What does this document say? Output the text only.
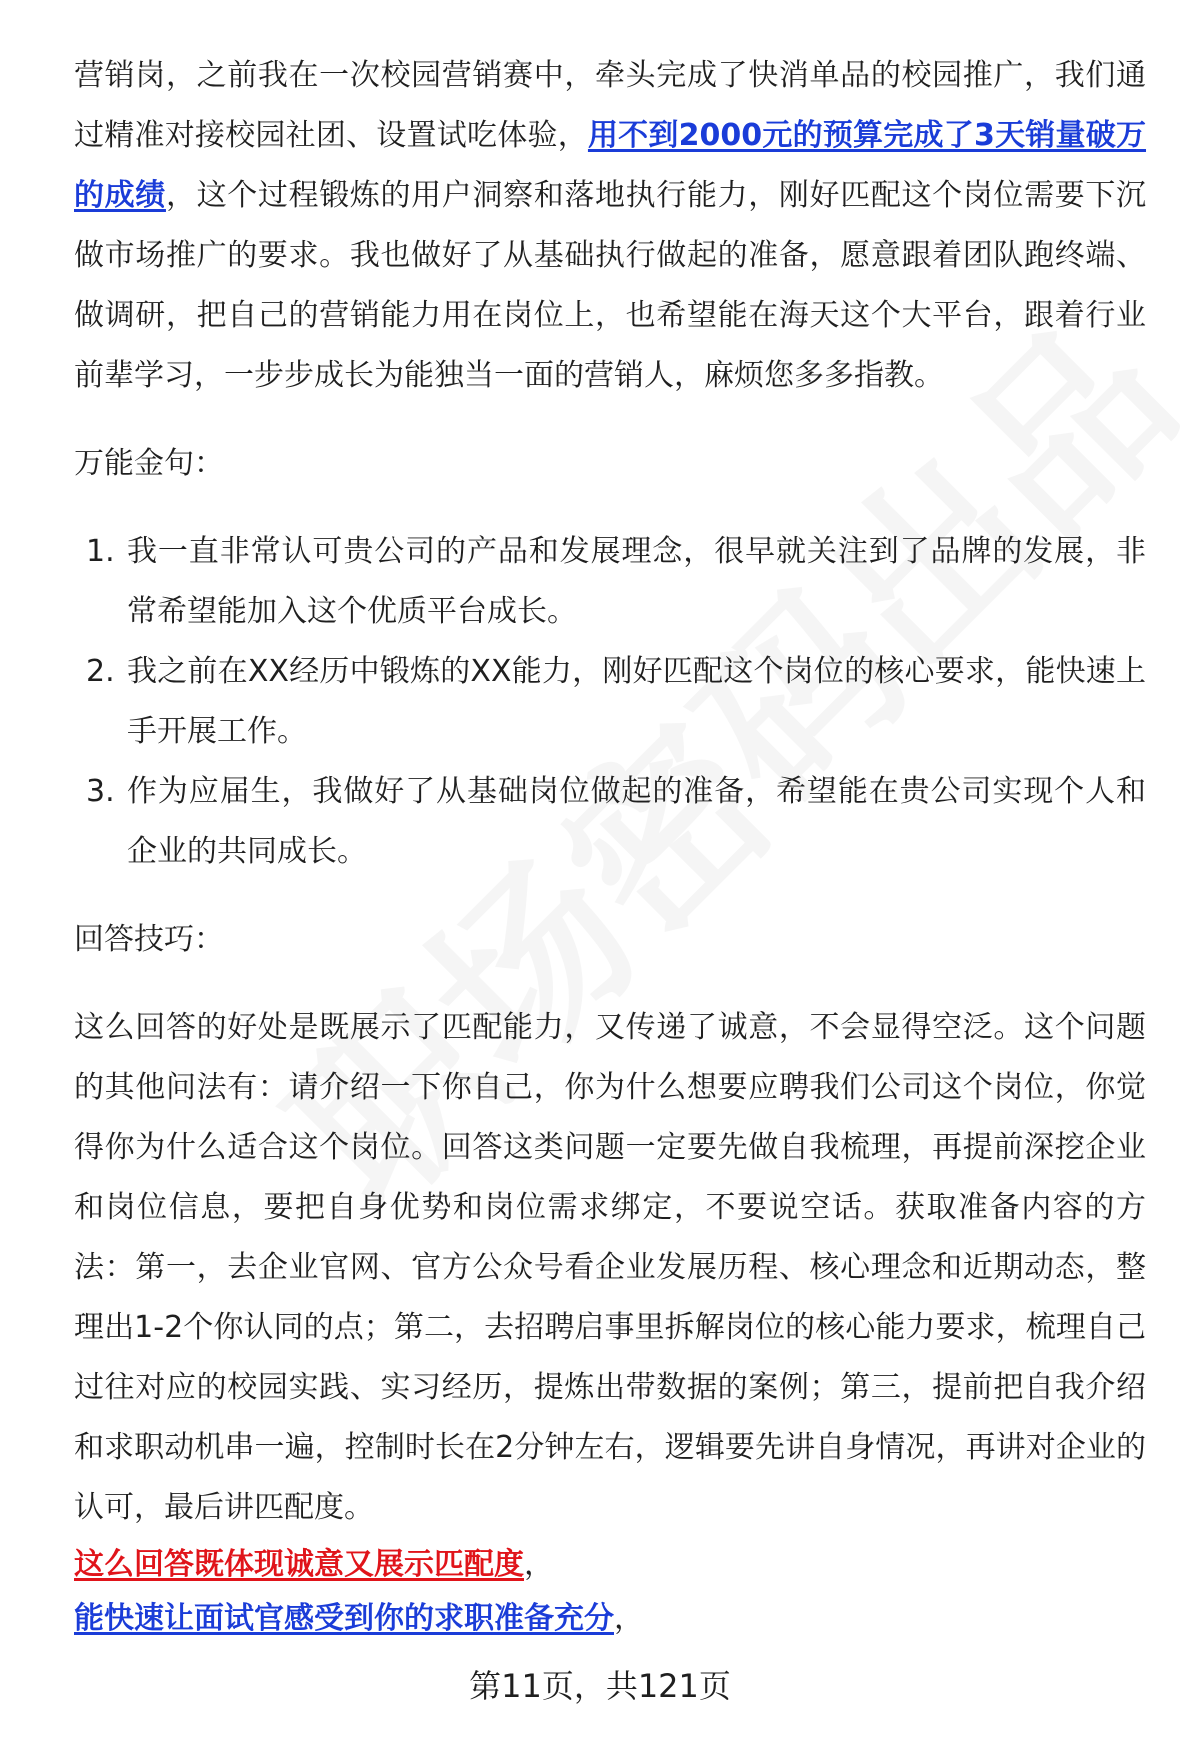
营销岗，之前我在一次校园营销赛中，牵头完成了快消单品的校园推广，我们通过精准对接校园社团、设置试吃体验，用不到2000元的预算完成了3天销量破万的成绩，这个过程锻炼的用户洞察和落地执行能力，刚好匹配这个岗位需要下沉做市场推广的要求。我也做好了从基础执行做起的准备，愿意跟着团队跑终端、做调研，把自己的营销能力用在岗位上，也希望能在海天这个大平台，跟着行业前辈学习，一步步成长为能独当一面的营销人，麻烦您多多指教。

万能金句：

1. 我一直非常认可贵公司的产品和发展理念，很早就关注到了品牌的发展，非常希望能加入这个优质平台成长。
2. 我之前在XX经历中锻炼的XX能力，刚好匹配这个岗位的核心要求，能快速上手开展工作。
3. 作为应届生，我做好了从基础岗位做起的准备，希望能在贵公司实现个人和企业的共同成长。

回答技巧：

这么回答的好处是既展示了匹配能力，又传递了诚意，不会显得空泛。这个问题的其他问法有：请介绍一下你自己，你为什么想要应聘我们公司这个岗位，你觉得你为什么适合这个岗位。回答这类问题一定要先做自我梳理，再提前深挖企业和岗位信息，要把自身优势和岗位需求绑定，不要说空话。获取准备内容的方法：第一，去企业官网、官方公众号看企业发展历程、核心理念和近期动态，整理出1-2个你认同的点；第二，去招聘启事里拆解岗位的核心能力要求，梳理自己过往对应的校园实践、实习经历，提炼出带数据的案例；第三，提前把自我介绍和求职动机串一遍，控制时长在2分钟左右，逻辑要先讲自身情况，再讲对企业的认可，最后讲匹配度。

这么回答既体现诚意又展示匹配度，

能快速让面试官感受到你的求职准备充分，

第11页，共121页
